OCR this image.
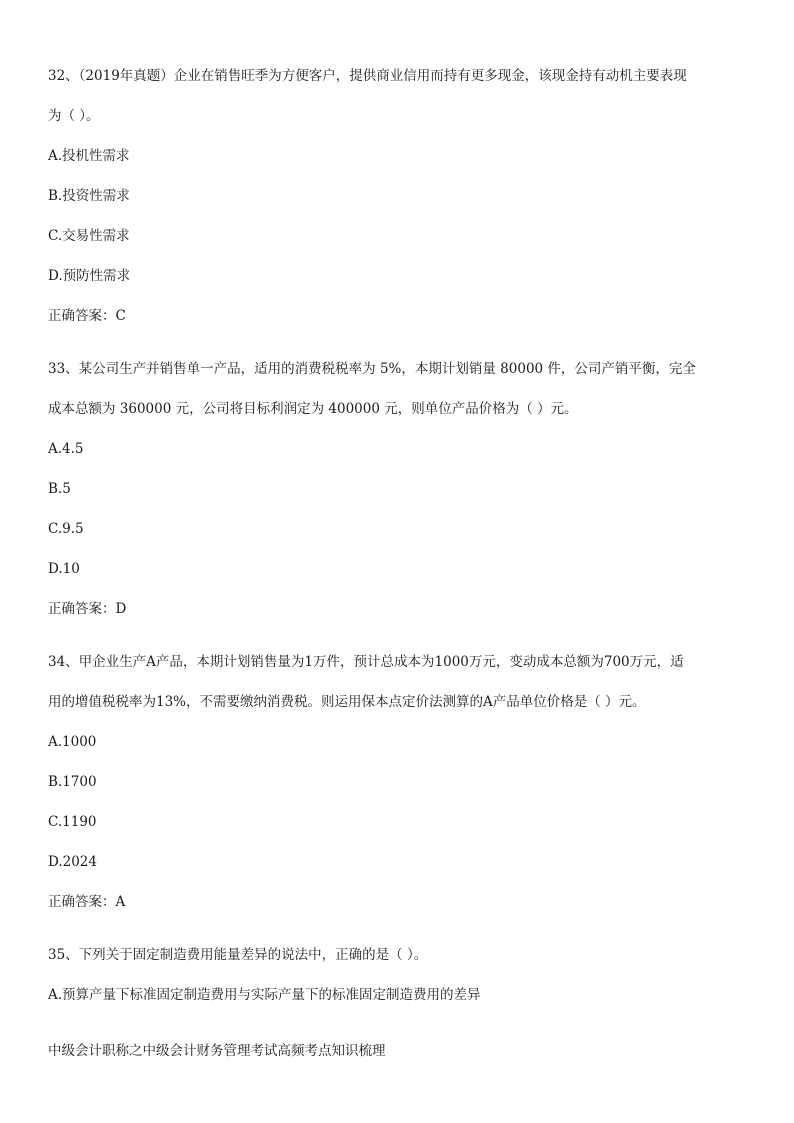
32、（2019年真题）企业在销售旺季为方便客户，提供商业信用而持有更多现金，该现金持有动机主要表现
为（ ）。
A.投机性需求
B.投资性需求
C.交易性需求
D.预防性需求
正确答案：C
33、某公司生产并销售单一产品，适用的消费税税率为 5%，本期计划销量 80000 件，公司产销平衡，完全
成本总额为 360000 元，公司将目标利润定为 400000 元，则单位产品价格为（ ）元。
A.4.5
B.5
C.9.5
D.10
正确答案：D
34、甲企业生产A产品，本期计划销售量为1万件，预计总成本为1000万元，变动成本总额为700万元，适
用的增值税税率为13%，不需要缴纳消费税。则运用保本点定价法测算的A产品单位价格是（ ）元。
A.1000
B.1700
C.1190
D.2024
正确答案：A
35、下列关于固定制造费用能量差异的说法中，正确的是（ ）。
A.预算产量下标准固定制造费用与实际产量下的标准固定制造费用的差异
中级会计职称之中级会计财务管理考试高频考点知识梳理
